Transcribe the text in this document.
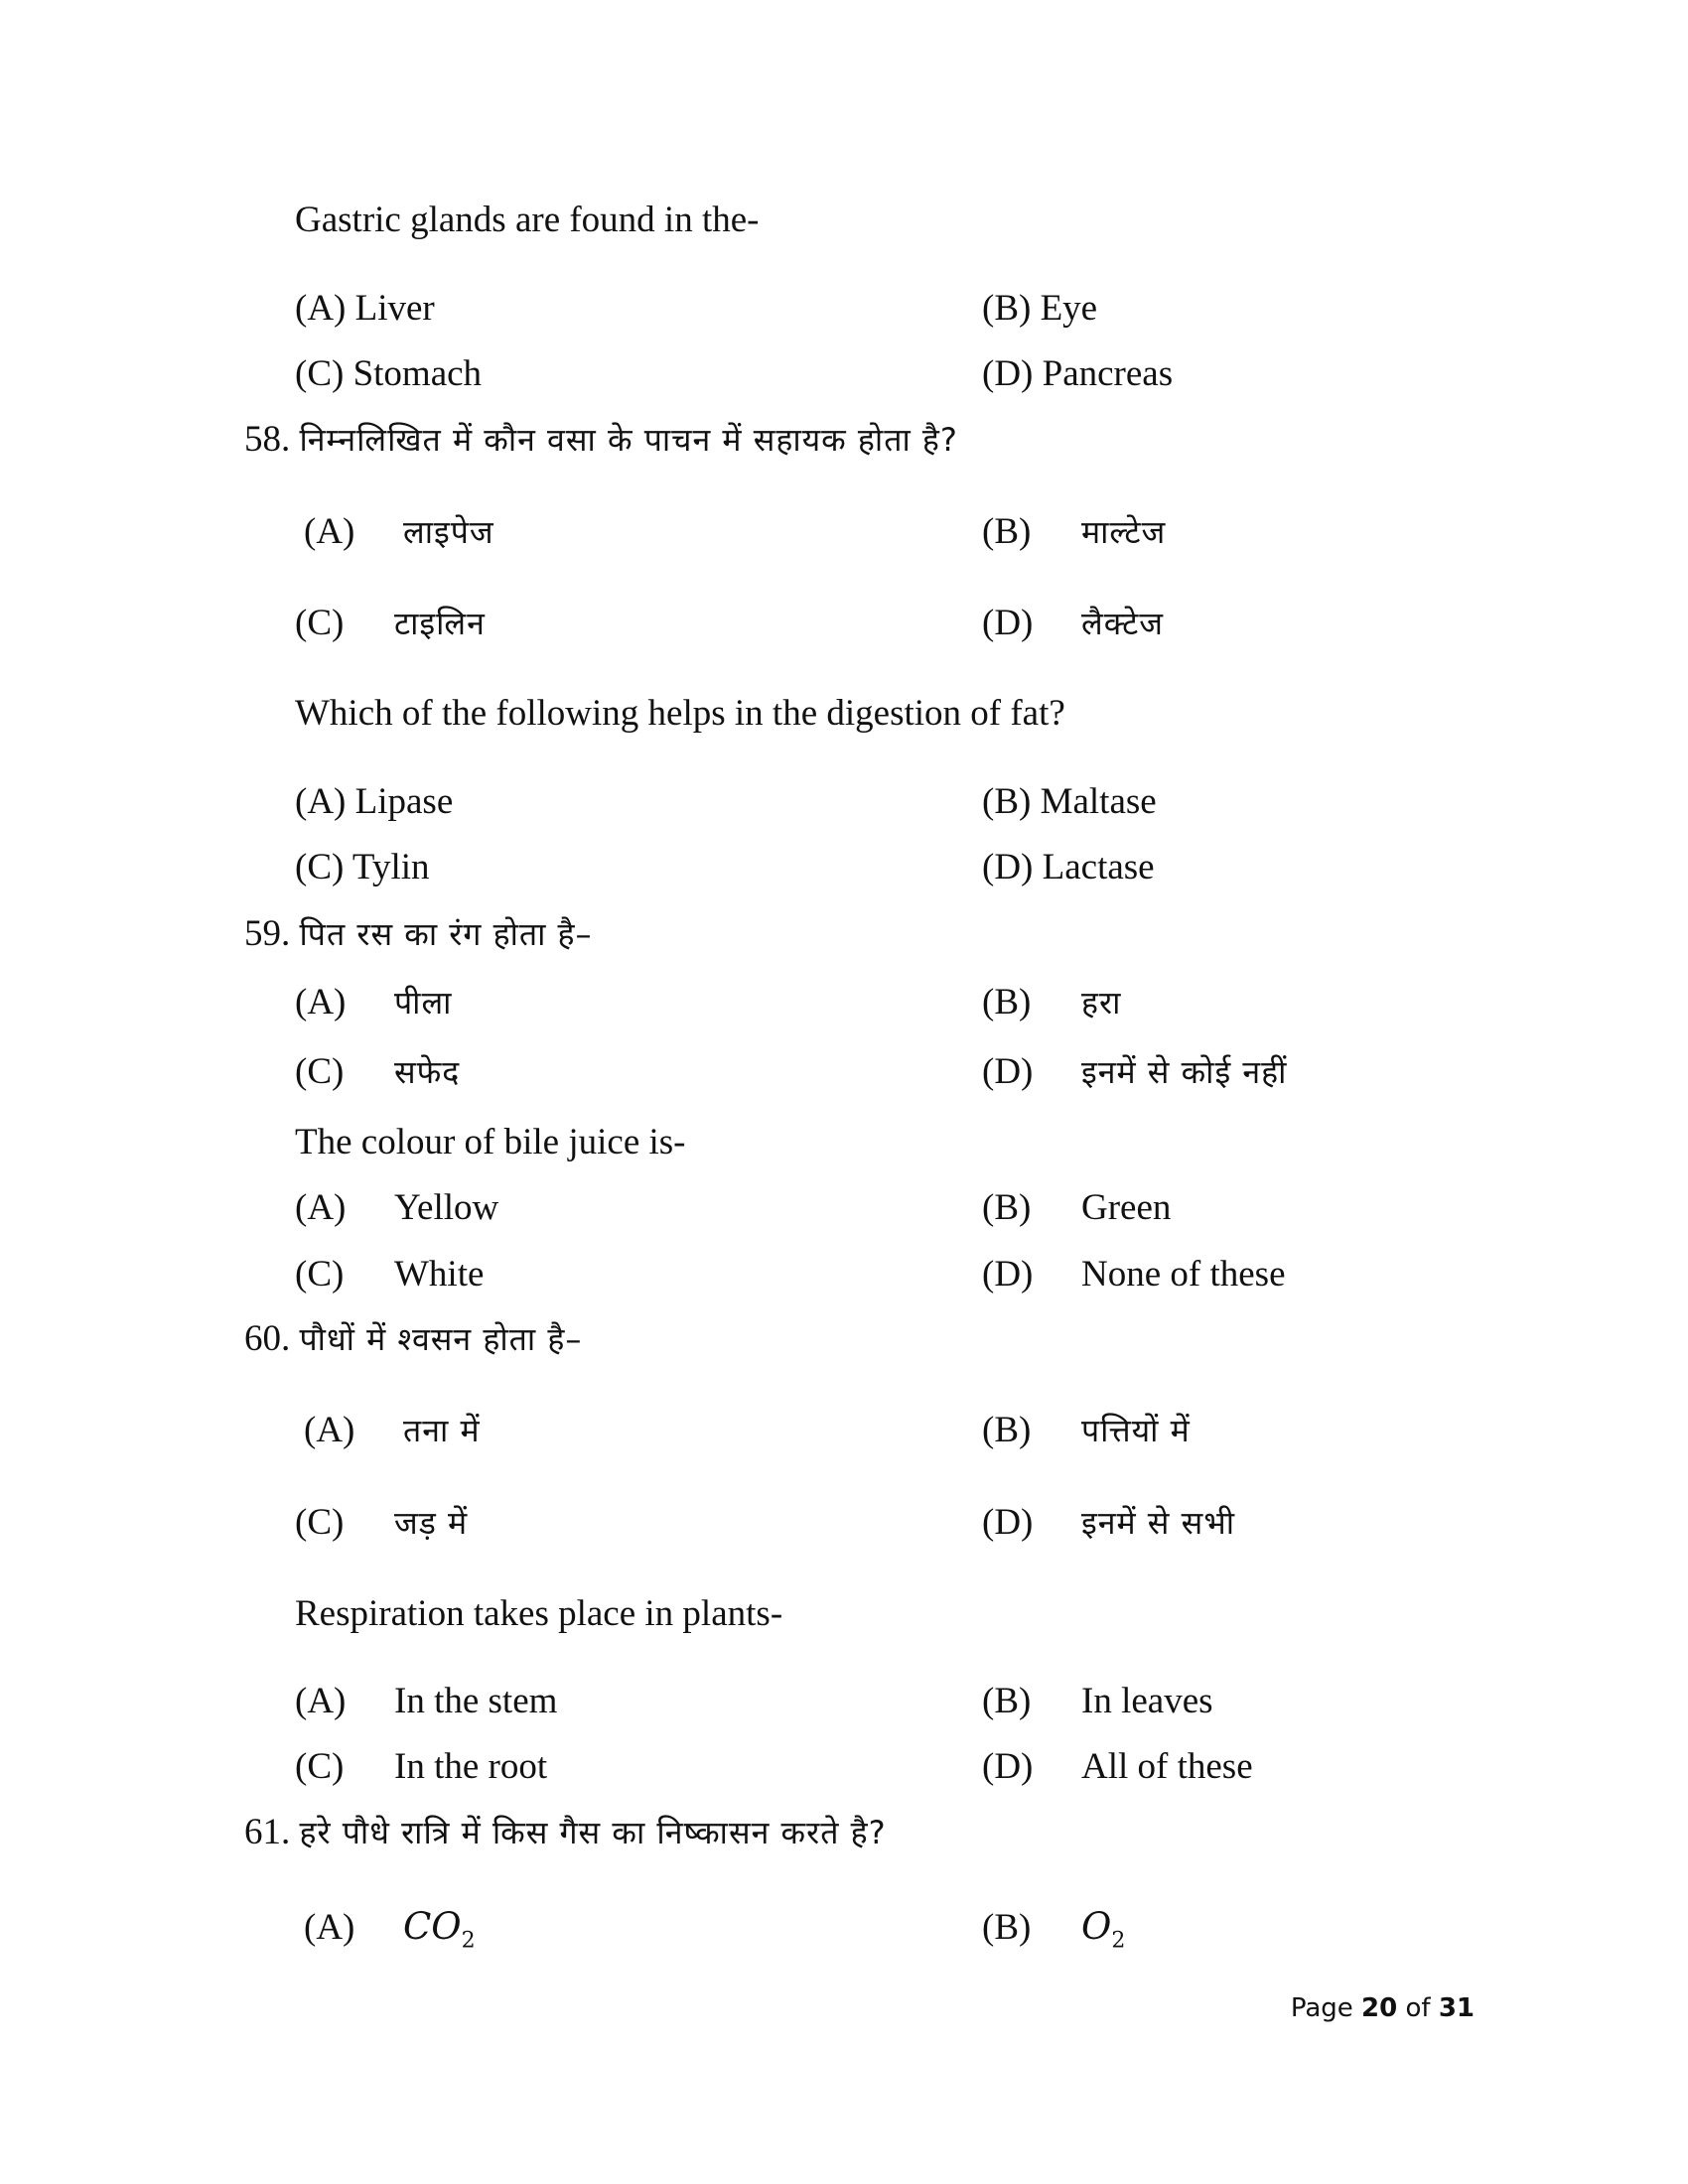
Gastric glands are found in the-
(A) Liver	(B) Eye
(C) Stomach	(D) Pancreas
58. निम्नलिखित में कौन वसा के पाचन में सहायक होता है?
(A) लाइपेज	(B) माल्टेज
(C) टाइलिन	(D) लैक्टेज
Which of the following helps in the digestion of fat?
(A) Lipase	(B) Maltase
(C) Tylin	(D) Lactase
59. पित रस का रंग होता है–
(A) पीला	(B) हरा
(C) सफेद	(D) इनमें से कोई नहीं
The colour of bile juice is-
(A) Yellow	(B) Green
(C) White	(D) None of these
60. पौधों में श्वसन होता है–
(A) तना में	(B) पत्तियों में
(C) जड़ में	(D) इनमें से सभी
Respiration takes place in plants-
(A) In the stem	(B) In leaves
(C) In the root	(D) All of these
61. हरे पौधे रात्रि में किस गैस का निष्कासन करते है?
(A) $CO_2$	(B) $O_2$
Page 20 of 31
